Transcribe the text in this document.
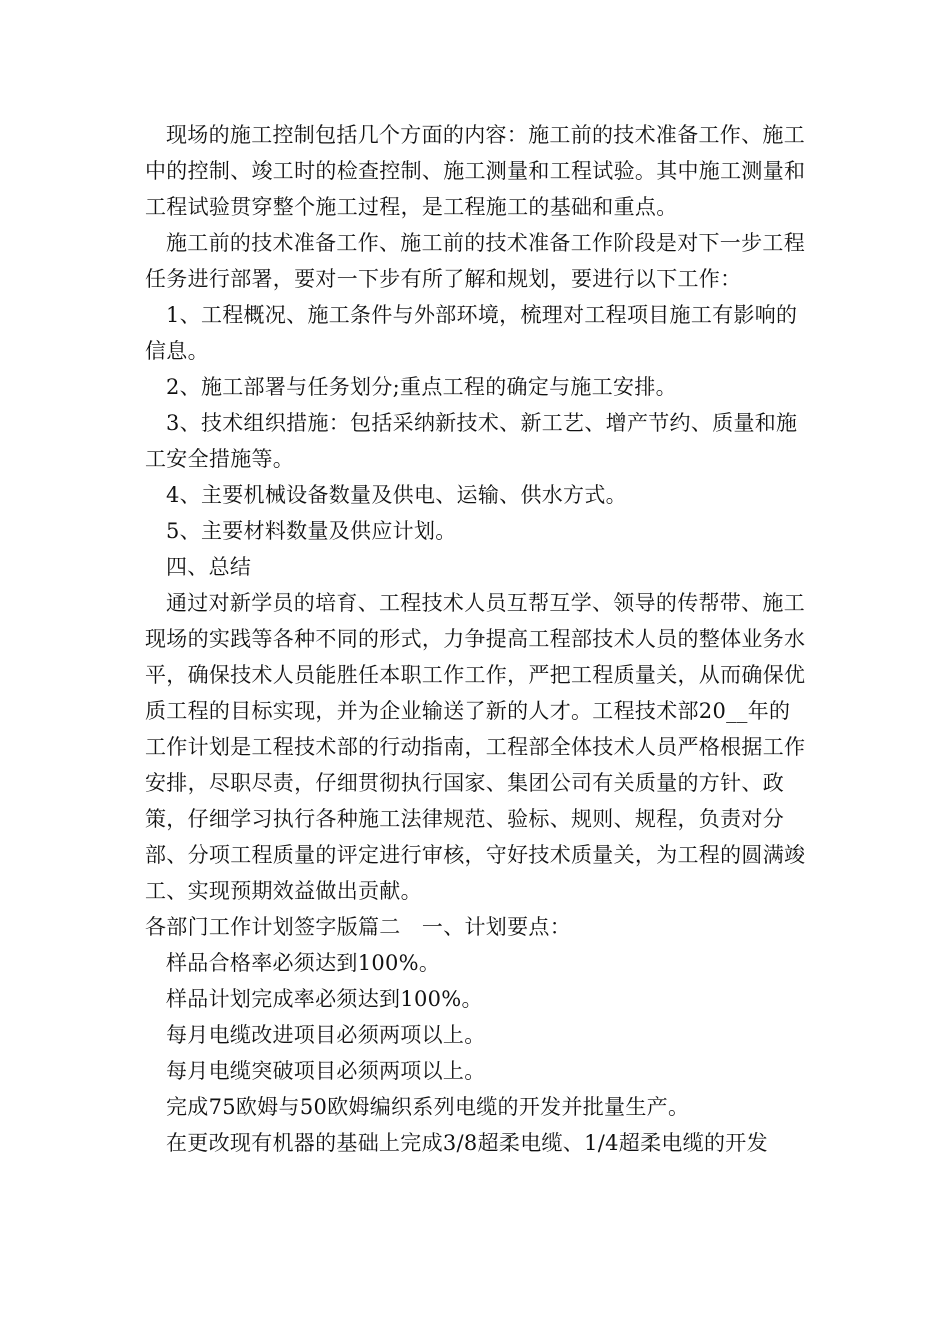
现场的施工控制包括几个方面的内容：施工前的技术准备工作、施工中的控制、竣工时的检查控制、施工测量和工程试验。其中施工测量和工程试验贯穿整个施工过程，是工程施工的基础和重点。

施工前的技术准备工作、施工前的技术准备工作阶段是对下一步工程任务进行部署，要对一下步有所了解和规划，要进行以下工作：

1、工程概况、施工条件与外部环境，梳理对工程项目施工有影响的信息。

2、施工部署与任务划分;重点工程的确定与施工安排。

3、技术组织措施：包括采纳新技术、新工艺、增产节约、质量和施工安全措施等。

4、主要机械设备数量及供电、运输、供水方式。

5、主要材料数量及供应计划。

四、总结

通过对新学员的培育、工程技术人员互帮互学、领导的传帮带、施工现场的实践等各种不同的形式，力争提高工程部技术人员的整体业务水平，确保技术人员能胜任本职工作工作，严把工程质量关，从而确保优质工程的目标实现，并为企业输送了新的人才。工程技术部20__年的工作计划是工程技术部的行动指南，工程部全体技术人员严格根据工作安排，尽职尽责，仔细贯彻执行国家、集团公司有关质量的方针、政策，仔细学习执行各种施工法律规范、验标、规则、规程，负责对分部、分项工程质量的评定进行审核，守好技术质量关，为工程的圆满竣工、实现预期效益做出贡献。

各部门工作计划签字版篇二　一、计划要点：

样品合格率必须达到100%。

样品计划完成率必须达到100%。

每月电缆改进项目必须两项以上。

每月电缆突破项目必须两项以上。

完成75欧姆与50欧姆编织系列电缆的开发并批量生产。

在更改现有机器的基础上完成3/8超柔电缆、1/4超柔电缆的开发
